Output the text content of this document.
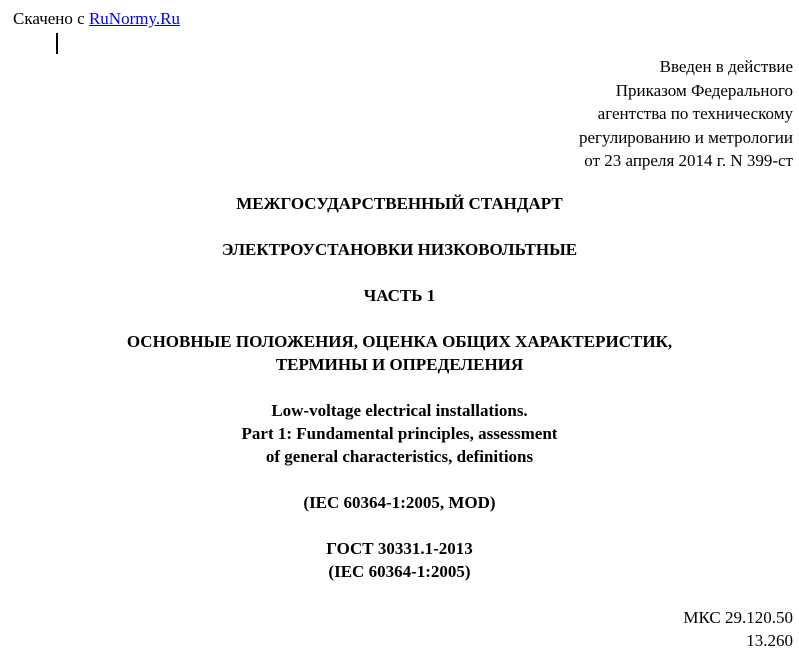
Скачено с RuNormy.Ru
Введен в действие
Приказом Федерального
агентства по техническому
регулированию и метрологии
от 23 апреля 2014 г. N 399-ст
МЕЖГОСУДАРСТВЕННЫЙ СТАНДАРТ
ЭЛЕКТРОУСТАНОВКИ НИЗКОВОЛЬТНЫЕ
ЧАСТЬ 1
ОСНОВНЫЕ ПОЛОЖЕНИЯ, ОЦЕНКА ОБЩИХ ХАРАКТЕРИСТИК,
ТЕРМИНЫ И ОПРЕДЕЛЕНИЯ
Low-voltage electrical installations.
Part 1: Fundamental principles, assessment
of general characteristics, definitions
(IEC 60364-1:2005, MOD)
ГОСТ 30331.1-2013
(IEC 60364-1:2005)
МКС 29.120.50
13.260
